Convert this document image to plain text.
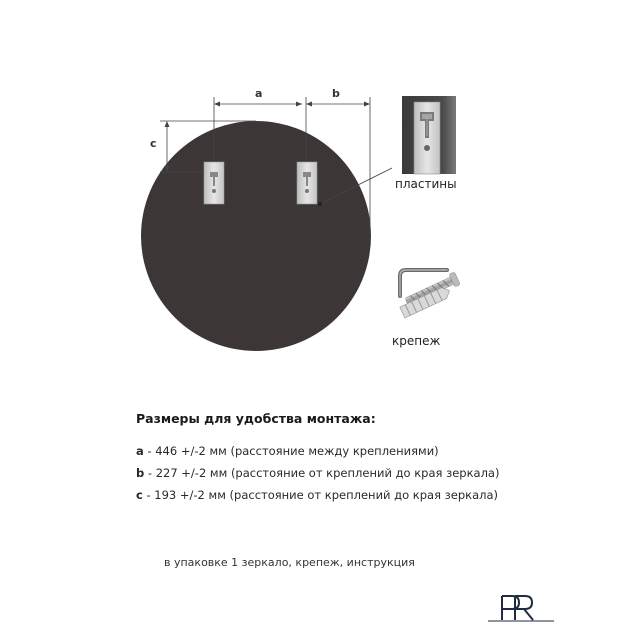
a	b
c
пластины
крепеж
Размеры для удобства монтажа:
a - 446 +/-2 мм (расстояние между креплениями)
b - 227 +/-2 мм (расстояние от креплений до края зеркала)
c - 193 +/-2 мм (расстояние от креплений до края зеркала)
в упаковке 1 зеркало, крепеж, инструкция
